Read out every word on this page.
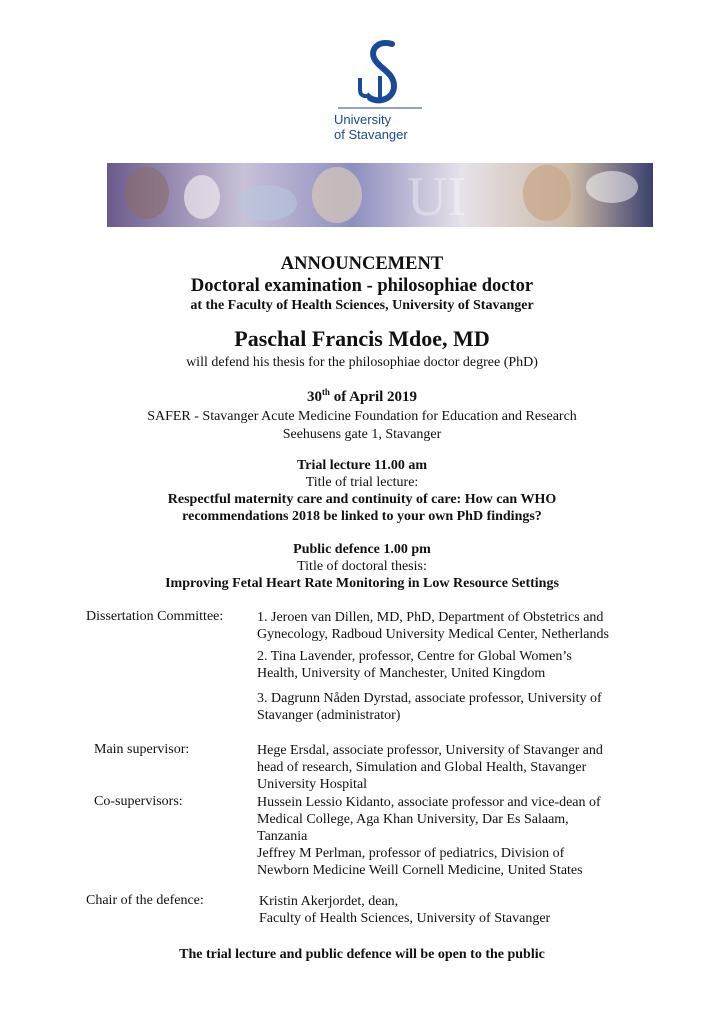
University
of Stavanger
UI
ANNOUNCEMENT
Doctoral examination - philosophiae doctor
at the Faculty of Health Sciences, University of Stavanger
Paschal Francis Mdoe, MD
will defend his thesis for the philosophiae doctor degree (PhD)
30th of April 2019
SAFER - Stavanger Acute Medicine Foundation for Education and Research
Seehusens gate 1, Stavanger
Trial lecture 11.00 am
Title of trial lecture:
Respectful maternity care and continuity of care: How can WHO
recommendations 2018 be linked to your own PhD findings?
Public defence 1.00 pm
Title of doctoral thesis:
Improving Fetal Heart Rate Monitoring in Low Resource Settings
Dissertation Committee: 1. Jeroen van Dillen, MD, PhD, Department of Obstetrics and
Gynecology, Radboud University Medical Center, Netherlands
2. Tina Lavender, professor, Centre for Global Women’s
Health, University of Manchester, United Kingdom
3. Dagrunn Nåden Dyrstad, associate professor, University of
Stavanger (administrator)
Main supervisor:	Hege Ersdal, associate professor, University of Stavanger and
head of research, Simulation and Global Health, Stavanger
University Hospital
Co-supervisors:	Hussein Lessio Kidanto, associate professor and vice-dean of
Medical College, Aga Khan University, Dar Es Salaam,
Tanzania
Jeffrey M Perlman, professor of pediatrics, Division of
Newborn Medicine Weill Cornell Medicine, United States
Chair of the defence:	Kristin Akerjordet, dean,
Faculty of Health Sciences, University of Stavanger
The trial lecture and public defence will be open to the public
